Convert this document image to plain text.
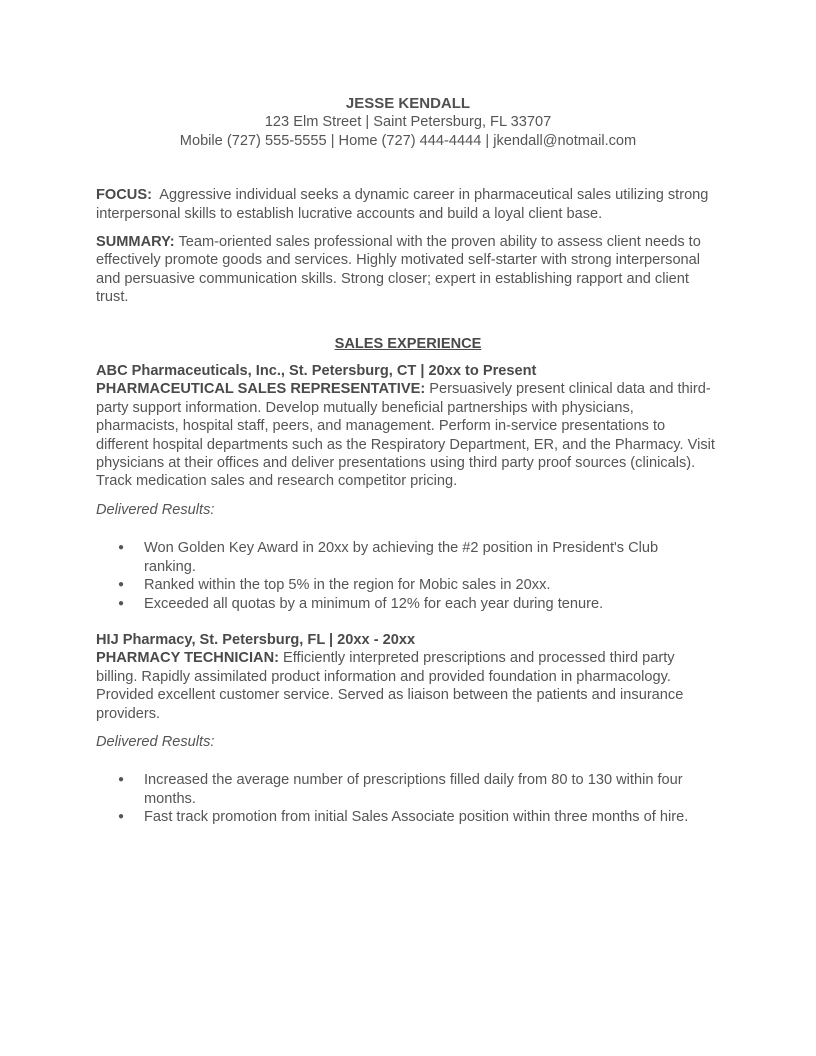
JESSE KENDALL
123 Elm Street | Saint Petersburg, FL 33707
Mobile (727) 555-5555 | Home (727) 444-4444 | jkendall@notmail.com

FOCUS: Aggressive individual seeks a dynamic career in pharmaceutical sales utilizing strong interpersonal skills to establish lucrative accounts and build a loyal client base.

SUMMARY: Team-oriented sales professional with the proven ability to assess client needs to effectively promote goods and services. Highly motivated self-starter with strong interpersonal and persuasive communication skills. Strong closer; expert in establishing rapport and client trust.

SALES EXPERIENCE
ABC Pharmaceuticals, Inc., St. Petersburg, CT | 20xx to Present

PHARMACEUTICAL SALES REPRESENTATIVE: Persuasively present clinical data and third-party support information. Develop mutually beneficial partnerships with physicians, pharmacists, hospital staff, peers, and management. Perform in-service presentations to different hospital departments such as the Respiratory Department, ER, and the Pharmacy. Visit physicians at their offices and deliver presentations using third party proof sources (clinicals). Track medication sales and research competitor pricing.

Delivered Results:

● Won Golden Key Award in 20xx by achieving the #2 position in President's Club ranking.
● Ranked within the top 5% in the region for Mobic sales in 20xx.
● Exceeded all quotas by a minimum of 12% for each year during tenure.
HIJ Pharmacy, St. Petersburg, FL | 20xx - 20xx

PHARMACY TECHNICIAN: Efficiently interpreted prescriptions and processed third party billing. Rapidly assimilated product information and provided foundation in pharmacology. Provided excellent customer service. Served as liaison between the patients and insurance providers.

Delivered Results:

● Increased the average number of prescriptions filled daily from 80 to 130 within four months.
● Fast track promotion from initial Sales Associate position within three months of hire.
